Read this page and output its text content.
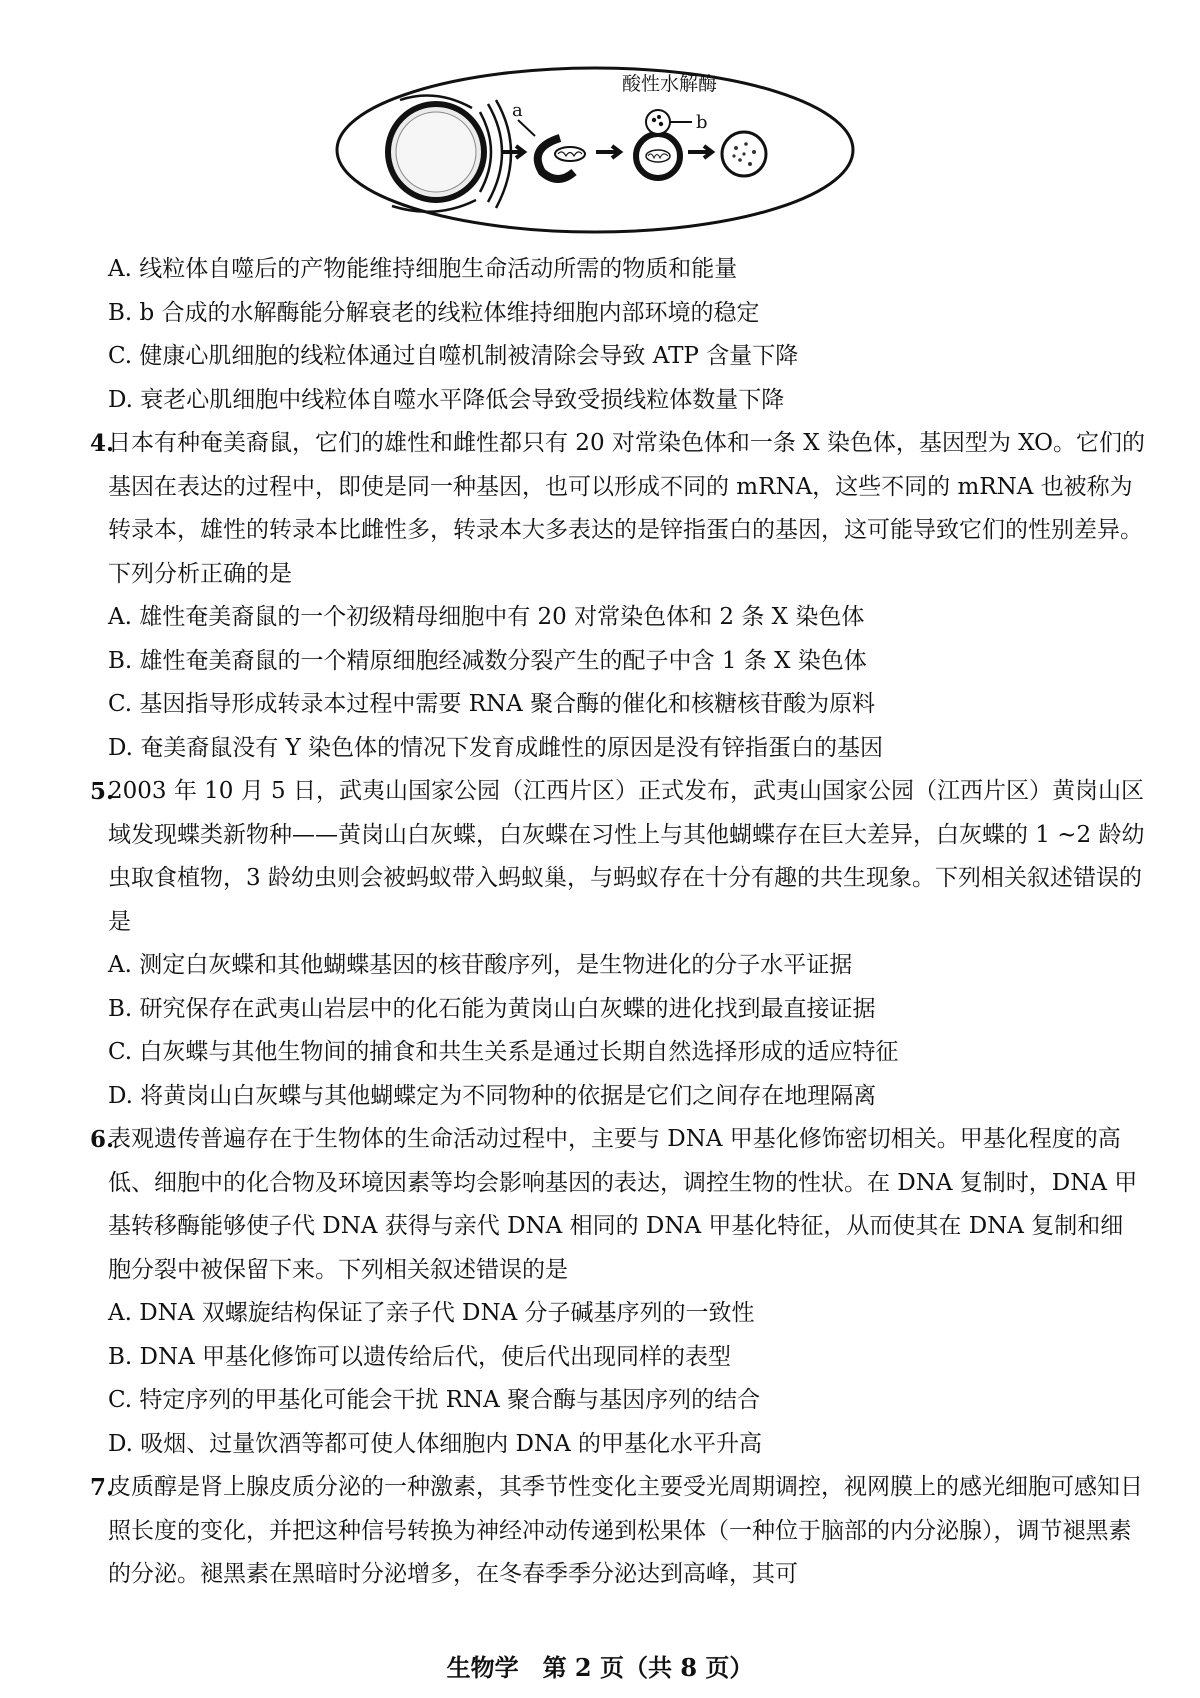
a
酸性水解酶
b
A. 线粒体自噬后的产物能维持细胞生命活动所需的物质和能量
B. b 合成的水解酶能分解衰老的线粒体维持细胞内部环境的稳定
C. 健康心肌细胞的线粒体通过自噬机制被清除会导致 ATP 含量下降
D. 衰老心肌细胞中线粒体自噬水平降低会导致受损线粒体数量下降
4.
日本有种奄美裔鼠，它们的雄性和雌性都只有 20 对常染色体和一条 X 染色体，基因型为 XO。它们的基因在表达的过程中，即使是同一种基因，也可以形成不同的 mRNA，这些不同的 mRNA 也被称为转录本，雄性的转录本比雌性多，转录本大多表达的是锌指蛋白的基因，这可能导致它们的性别差异。下列分析正确的是
A. 雄性奄美裔鼠的一个初级精母细胞中有 20 对常染色体和 2 条 X 染色体
B. 雄性奄美裔鼠的一个精原细胞经减数分裂产生的配子中含 1 条 X 染色体
C. 基因指导形成转录本过程中需要 RNA 聚合酶的催化和核糖核苷酸为原料
D. 奄美裔鼠没有 Y 染色体的情况下发育成雌性的原因是没有锌指蛋白的基因
5.
2003 年 10 月 5 日，武夷山国家公园（江西片区）正式发布，武夷山国家公园（江西片区）黄岗山区域发现蝶类新物种——黄岗山白灰蝶，白灰蝶在习性上与其他蝴蝶存在巨大差异，白灰蝶的 1 ~2 龄幼虫取食植物，3 龄幼虫则会被蚂蚁带入蚂蚁巢，与蚂蚁存在十分有趣的共生现象。下列相关叙述错误的是
A. 测定白灰蝶和其他蝴蝶基因的核苷酸序列，是生物进化的分子水平证据
B. 研究保存在武夷山岩层中的化石能为黄岗山白灰蝶的进化找到最直接证据
C. 白灰蝶与其他生物间的捕食和共生关系是通过长期自然选择形成的适应特征
D. 将黄岗山白灰蝶与其他蝴蝶定为不同物种的依据是它们之间存在地理隔离
6.
表观遗传普遍存在于生物体的生命活动过程中，主要与 DNA 甲基化修饰密切相关。甲基化程度的高低、细胞中的化合物及环境因素等均会影响基因的表达，调控生物的性状。在 DNA 复制时，DNA 甲基转移酶能够使子代 DNA 获得与亲代 DNA 相同的 DNA 甲基化特征，从而使其在 DNA 复制和细胞分裂中被保留下来。下列相关叙述错误的是
A. DNA 双螺旋结构保证了亲子代 DNA 分子碱基序列的一致性
B. DNA 甲基化修饰可以遗传给后代，使后代出现同样的表型
C. 特定序列的甲基化可能会干扰 RNA 聚合酶与基因序列的结合
D. 吸烟、过量饮酒等都可使人体细胞内 DNA 的甲基化水平升高
7.
皮质醇是肾上腺皮质分泌的一种激素，其季节性变化主要受光周期调控，视网膜上的感光细胞可感知日照长度的变化，并把这种信号转换为神经冲动传递到松果体（一种位于脑部的内分泌腺），调节褪黑素的分泌。褪黑素在黑暗时分泌增多，在冬春季季分泌达到高峰，其可
生物学　第 2 页（共 8 页）
